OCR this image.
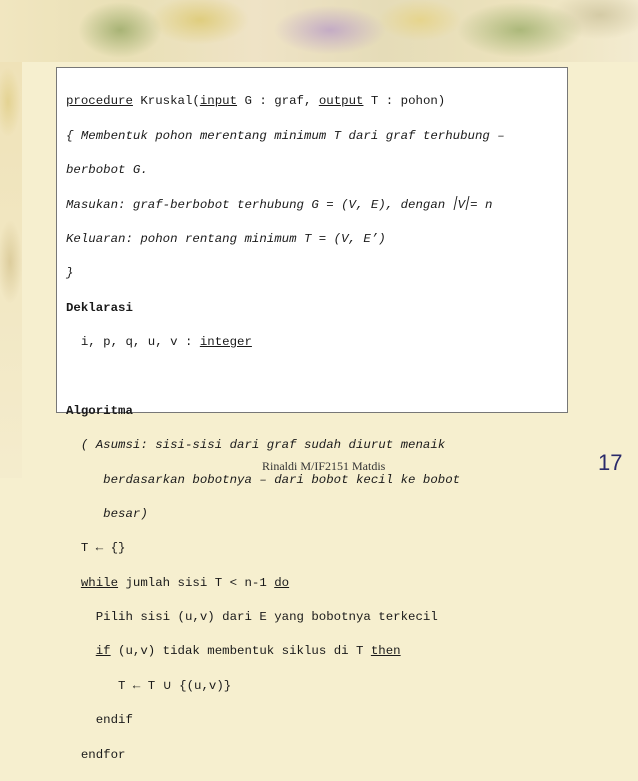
procedure Kruskal(input G : graf, output T : pohon)

{ Membentuk pohon merentang minimum T dari graf terhubung –

berbobot G.

Masukan: graf-berbobot terhubung G = (V, E), dengan V = n

Keluaran: pohon rentang minimum T = (V, E’)

}

Deklarasi

i, p, q, u, v : integer

Algoritma

( Asumsi: sisi-sisi dari graf sudah diurut menaik

berdasarkan bobotnya – dari bobot kecil ke bobot

besar)

T ← {}

while jumlah sisi T < n-1 do

Pilih sisi (u,v) dari E yang bobotnya terkecil

if (u,v) tidak membentuk siklus di T then

T ← T ∪ {(u,v)}

endif

endfor

Rinaldi M/IF2151 Matdis	17
